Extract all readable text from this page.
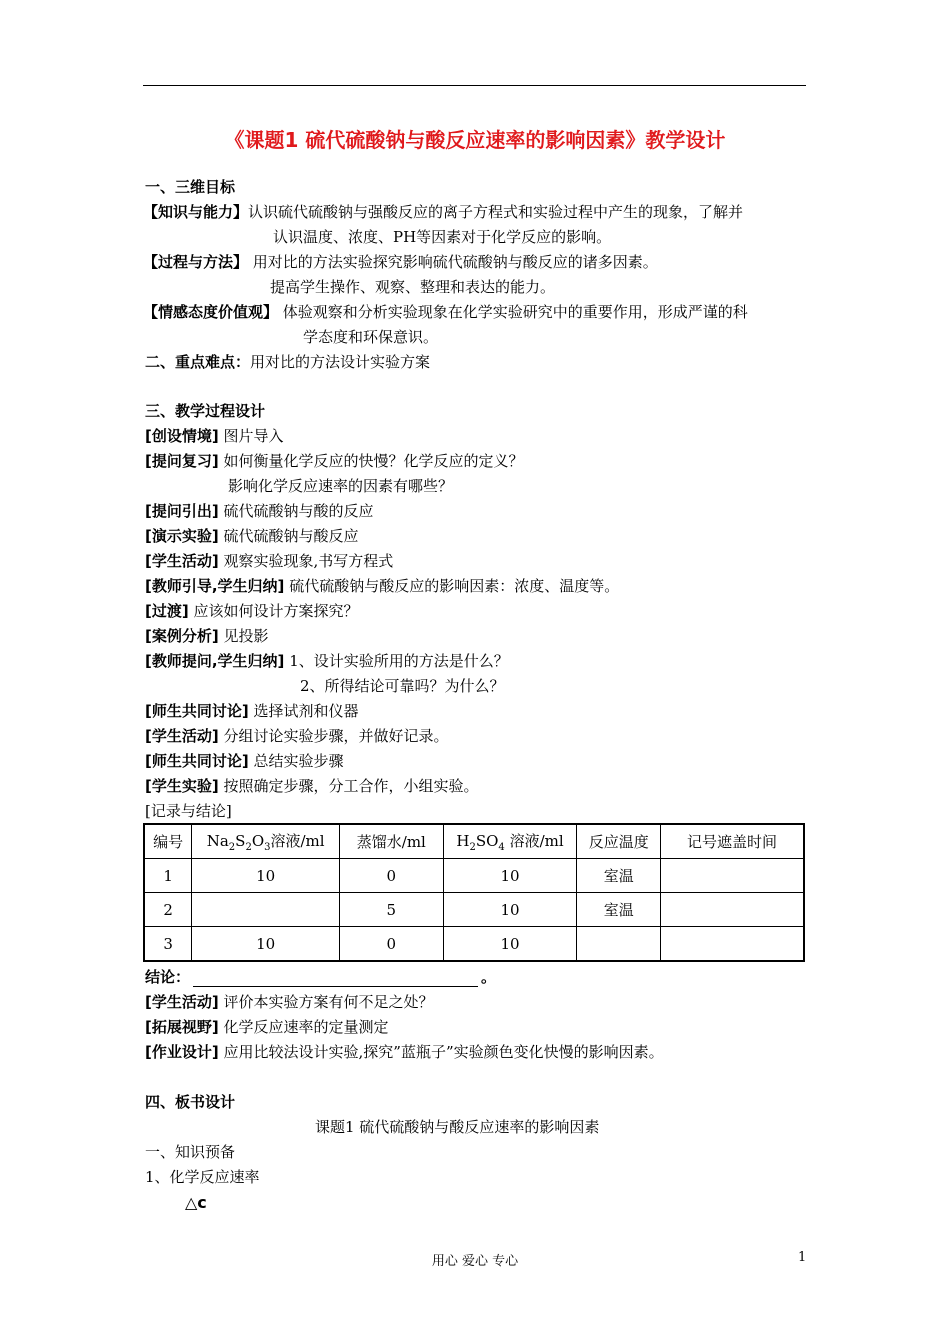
《课题1 硫代硫酸钠与酸反应速率的影响因素》教学设计
一、三维目标
【知识与能力】认识硫代硫酸钠与强酸反应的离子方程式和实验过程中产生的现象，了解并
认识温度、浓度、PH等因素对于化学反应的影响。
【过程与方法】 用对比的方法实验探究影响硫代硫酸钠与酸反应的诸多因素。
提高学生操作、观察、整理和表达的能力。
【情感态度价值观】 体验观察和分析实验现象在化学实验研究中的重要作用，形成严谨的科
学态度和环保意识。
二、重点难点：用对比的方法设计实验方案
三、教学过程设计
[创设情境] 图片导入
[提问复习] 如何衡量化学反应的快慢？化学反应的定义？
影响化学反应速率的因素有哪些？
[提问引出] 硫代硫酸钠与酸的反应
[演示实验] 硫代硫酸钠与酸反应
[学生活动] 观察实验现象,书写方程式
[教师引导,学生归纳] 硫代硫酸钠与酸反应的影响因素：浓度、温度等。
[过渡] 应该如何设计方案探究？
[案例分析] 见投影
[教师提问,学生归纳] 1、设计实验所用的方法是什么？
2、所得结论可靠吗？为什么？
[师生共同讨论] 选择试剂和仪器
[学生活动] 分组讨论实验步骤，并做好记录。
[师生共同讨论] 总结实验步骤
[学生实验] 按照确定步骤，分工合作，小组实验。
[记录与结论]
编号	$Na_2S_2O_3$溶液/ml	蒸馏水/ml	$H_2SO_4$ 溶液/ml	反应温度	记号遮盖时间
1	10	0	10	室温	
2		5	10	室温	
3	10	0	10		
结论：	。
[学生活动] 评价本实验方案有何不足之处？
[拓展视野] 化学反应速率的定量测定
[作业设计] 应用比较法设计实验,探究”蓝瓶子”实验颜色变化快慢的影响因素。
四、板书设计
课题1 硫代硫酸钠与酸反应速率的影响因素
一、知识预备
1、化学反应速率
△c
用心 爱心 专心	1
